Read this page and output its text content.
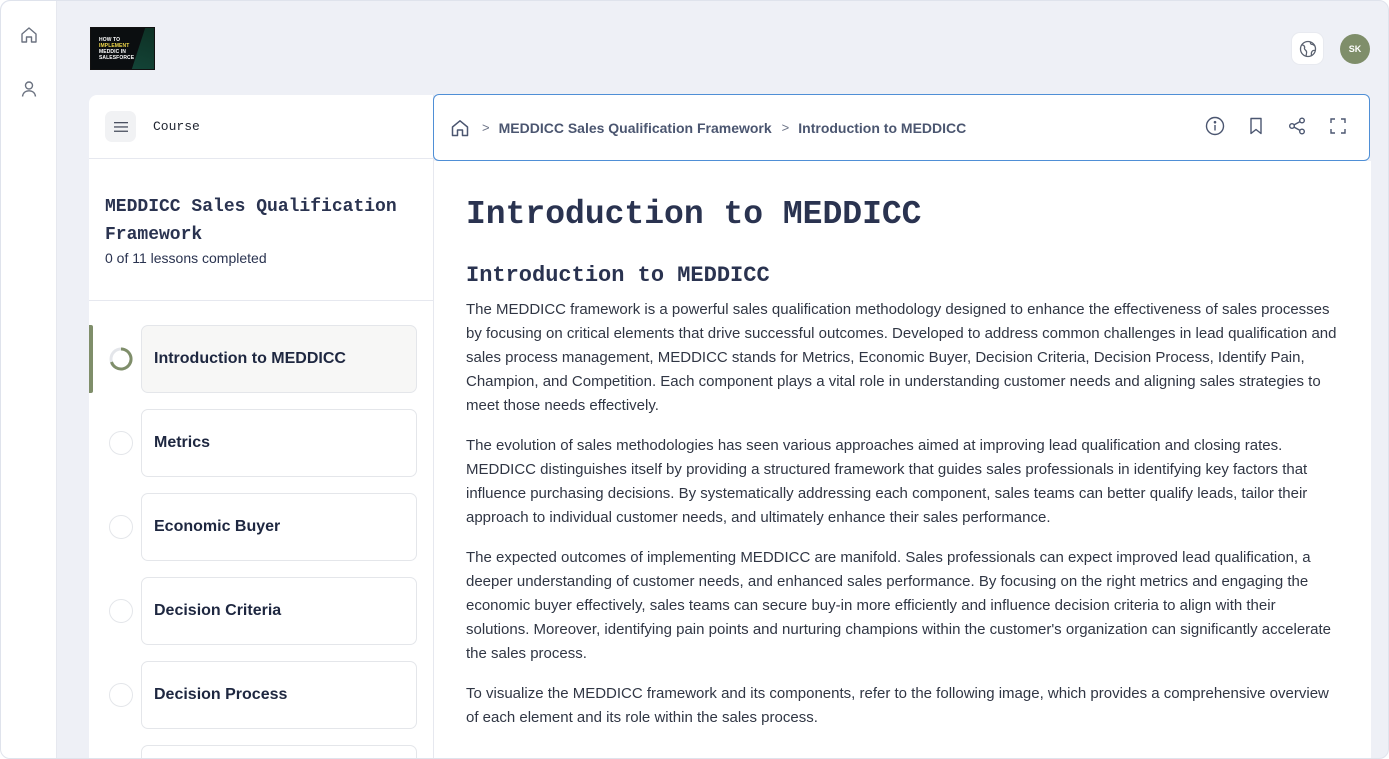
HOW TO
IMPLEMENT
MEDDIC IN
SALESFORCE
SK
Course
MEDDICC Sales Qualification Framework
0 of 11 lessons completed
Introduction to MEDDICC
Metrics
Economic Buyer
Decision Criteria
Decision Process
> MEDDICC Sales Qualification Framework > Introduction to MEDDICC
Introduction to MEDDICC
Introduction to MEDDICC

The MEDDICC framework is a powerful sales qualification methodology designed to enhance the effectiveness of sales processes by focusing on critical elements that drive successful outcomes. Developed to address common challenges in lead qualification and sales process management, MEDDICC stands for Metrics, Economic Buyer, Decision Criteria, Decision Process, Identify Pain, Champion, and Competition. Each component plays a vital role in understanding customer needs and aligning sales strategies to meet those needs effectively.

The evolution of sales methodologies has seen various approaches aimed at improving lead qualification and closing rates. MEDDICC distinguishes itself by providing a structured framework that guides sales professionals in identifying key factors that influence purchasing decisions. By systematically addressing each component, sales teams can better qualify leads, tailor their approach to individual customer needs, and ultimately enhance their sales performance.

The expected outcomes of implementing MEDDICC are manifold. Sales professionals can expect improved lead qualification, a deeper understanding of customer needs, and enhanced sales performance. By focusing on the right metrics and engaging the economic buyer effectively, sales teams can secure buy-in more efficiently and influence decision criteria to align with their solutions. Moreover, identifying pain points and nurturing champions within the customer's organization can significantly accelerate the sales process.

To visualize the MEDDICC framework and its components, refer to the following image, which provides a comprehensive overview of each element and its role within the sales process.
